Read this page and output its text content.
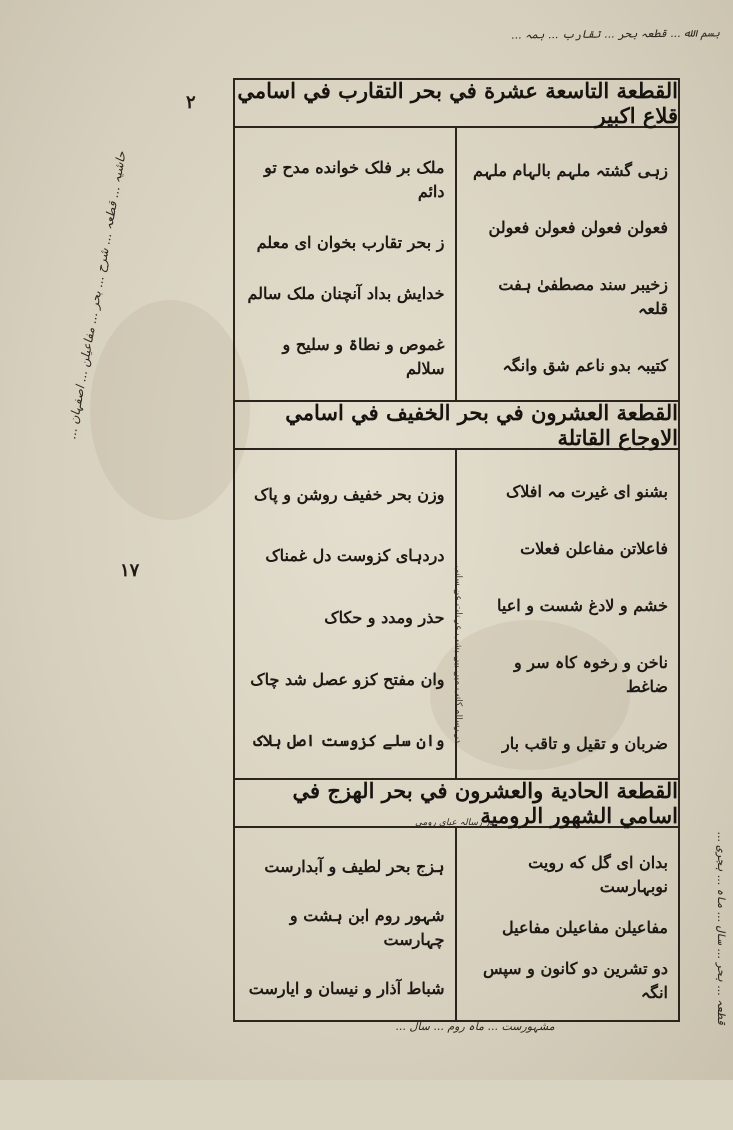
بسم الله ... قطعہ بحر ... تقارب ... ہمہ ...
قطعہ ... بحر ... سال ... ماہ ... ہجری ...
حاشیہ ... قطعہ ... شرح ... بحر ... مفاعیلن ... اصفہان ...
۲
۱۷
القطعة التاسعة عشرة في بحر التقارب في اسامي قلاع اكبير
زہی گشتہ ملہم بالہام ملہم
فعولن فعولن فعولن فعولن
زخیبر سند مصطفیٰ ہفت قلعہ
کتیبہ بدو ناعم شق وانگہ
ملک بر فلک خوانده مدح تو دائم
ز بحر تقارب بخوان ای معلم
خدایش بداد آنچنان ملک سالم
غموص و نطاۃ و سلیح و سلالم
القطعة العشرون في بحر الخفيف في اسامي الاوجاع القاتلة
بشنو ای غیرت مہ افلاک
فاعلاتن مفاعلن فعلات
خشم و لادغ شست و اعیا
ناخن و رخوہ کاہ سر و ضاغط
ضربان و تقیل و تاقب بار
وزن بحر خفیف روشن و پاک
دردہای کزوست دل غمناک
حذر ومدد و حکاک
وان مفتح کزو عصل شد چاک
وان سلے کزوست اصل ہلاک در رسالہ کاتب میں بیں بشب عر نات عن سانی
القطعة الحادية والعشرون في بحر الهزج في اسامي الشهور الرومية
در رسالہ عبای رومی
بدان ای گل که رویت نوبہارست
مفاعیلن مفاعیلن مفاعیل
دو تشرین دو کانون و سپس انگہ
ہزج بحر لطیف و آبدارست
شہور روم ابن ہشت و چہارست
شباط آذار و نیسان و ایارست
مشہورست ... ماہ روم ... سال ...
